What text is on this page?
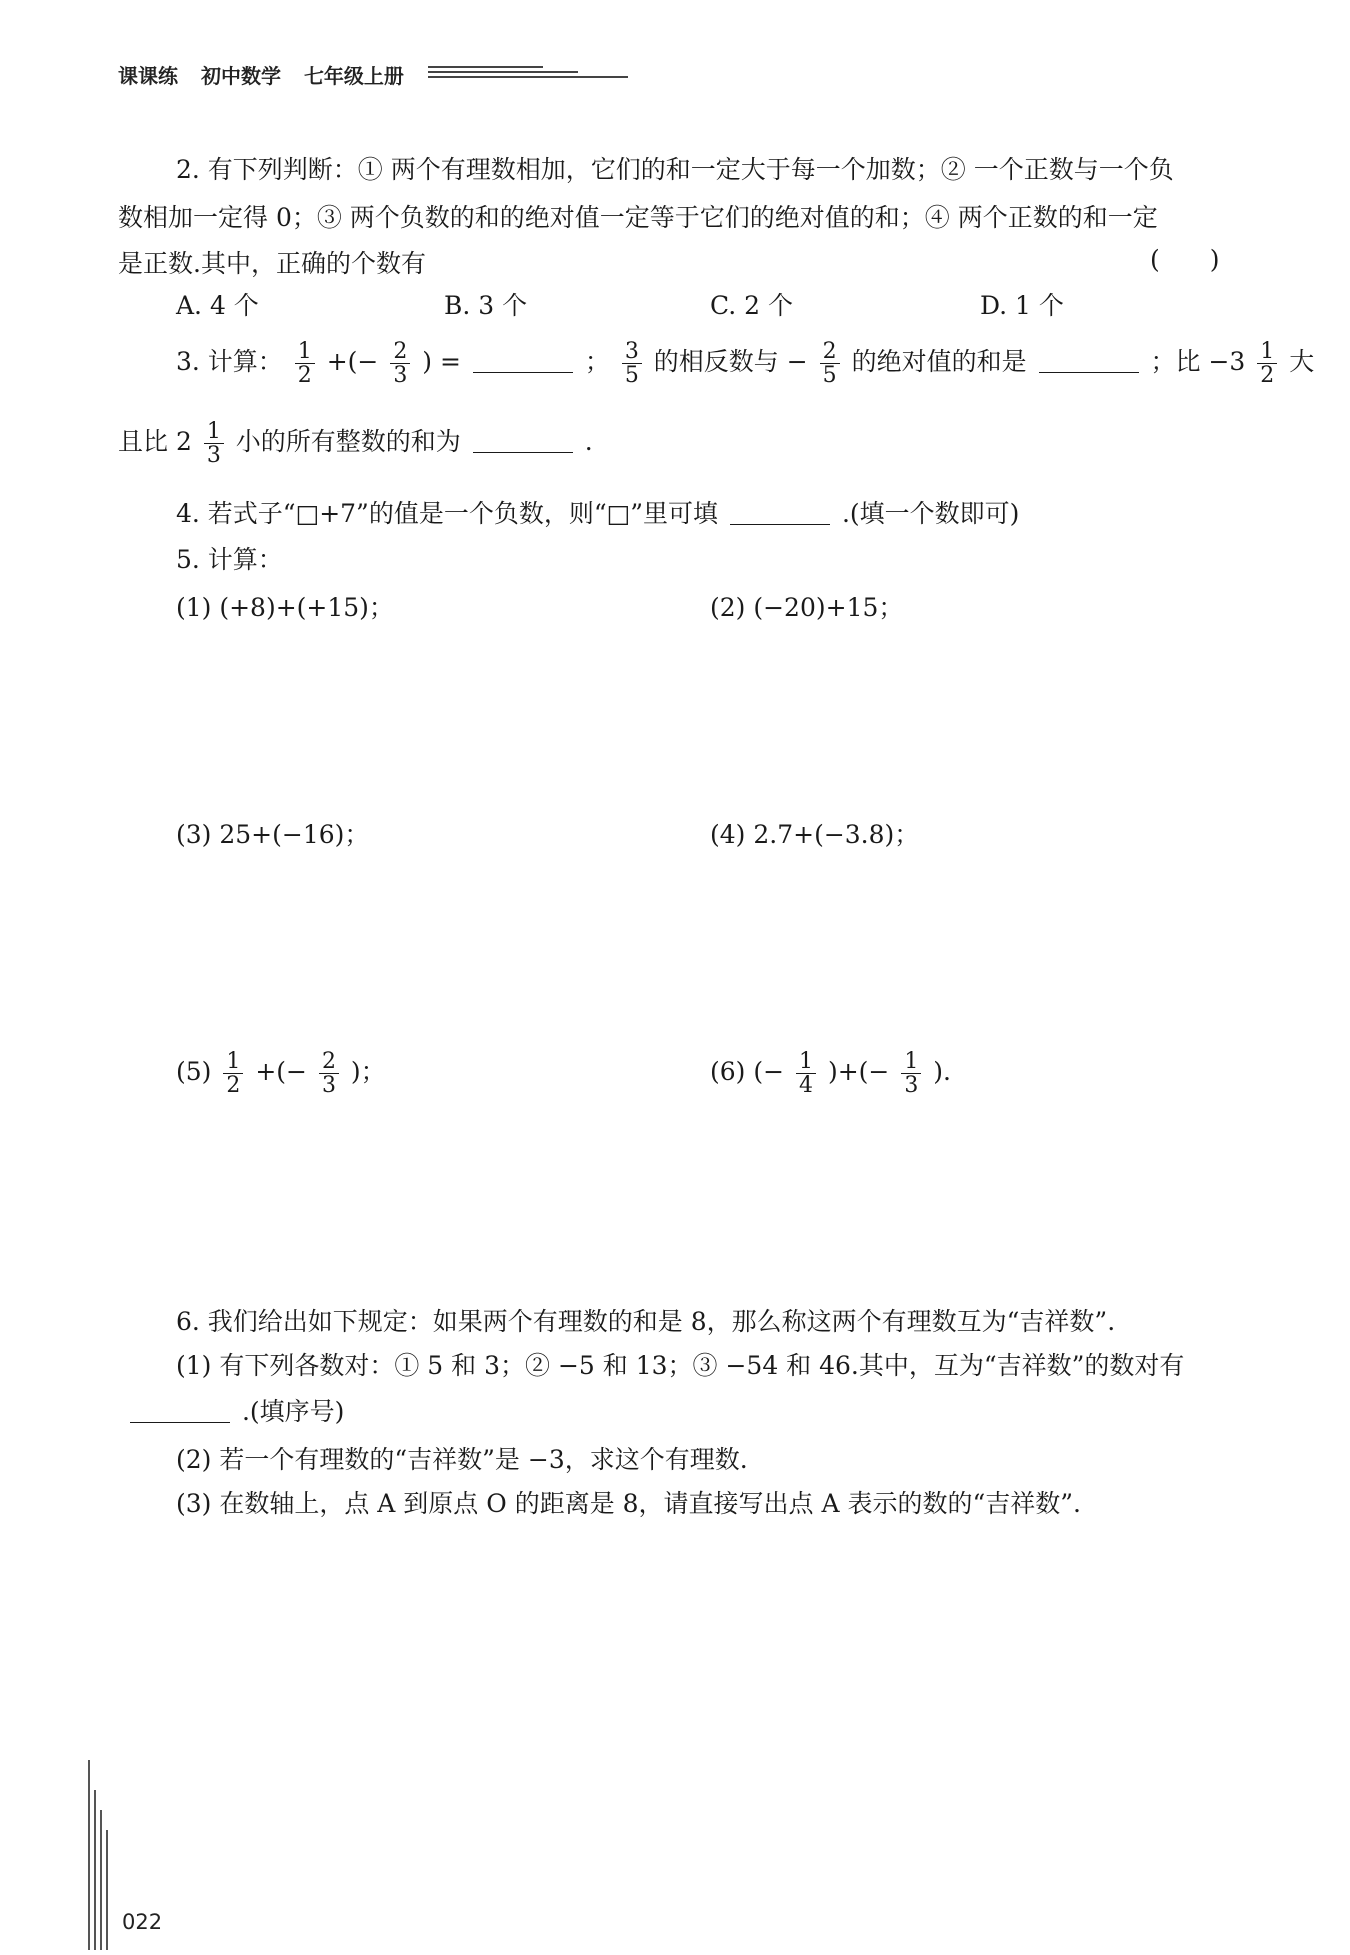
课课练 初中数学 七年级上册
2. 有下列判断：① 两个有理数相加，它们的和一定大于每一个加数；② 一个正数与一个负
数相加一定得 0；③ 两个负数的和的绝对值一定等于它们的绝对值的和；④ 两个正数的和一定
是正数.其中，正确的个数有	(　　)
A. 4 个	B. 3 个	C. 2 个	D. 1 个
3. 计算： $\frac{1}{2}$ +(− $\frac{2}{3}$ ) =	； $\frac{3}{5}$ 的相反数与 − $\frac{2}{5}$ 的绝对值的和是	；比 $-3 \frac{1}{2}$ 大
且比 $2 \frac{1}{3}$ 小的所有整数的和为	.
4. 若式子“□+7”的值是一个负数，则“□”里可填	.(填一个数即可)
5. 计算：
(1) (+8)+(+15)；	(2) (−20)+15；
(3) 25+(−16)；	(4) 2.7+(−3.8)；
$(5) \frac{1}{2}$ +(− $\frac{2}{3}$ )；	(6) (− $\frac{1}{4}$ )+(− $\frac{1}{3}$ ).
6. 我们给出如下规定：如果两个有理数的和是 8，那么称这两个有理数互为“吉祥数”.
(1) 有下列各数对：① 5 和 3；② −5 和 13；③ −54 和 46.其中，互为“吉祥数”的数对有
.(填序号)
(2) 若一个有理数的“吉祥数”是 −3，求这个有理数.
(3) 在数轴上，点 A 到原点 O 的距离是 8，请直接写出点 A 表示的数的“吉祥数”.
022
